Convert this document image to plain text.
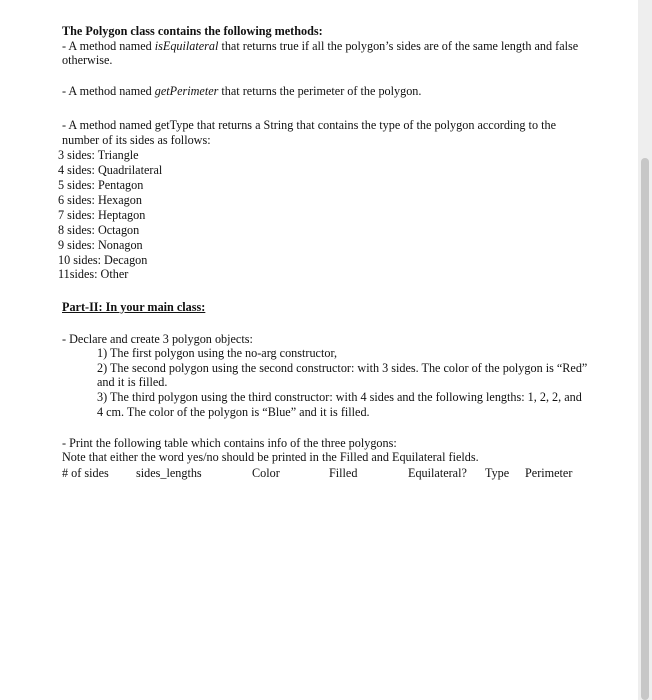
The Polygon class contains the following methods:
- A method named isEquilateral that returns true if all the polygon’s sides are of the same length and false
otherwise.
- A method named getPerimeter that returns the perimeter of the polygon.
- A method named getType that returns a String that contains the type of the polygon according to the
number of its sides as follows:
3 sides: Triangle
4 sides: Quadrilateral
5 sides: Pentagon
6 sides: Hexagon
7 sides: Heptagon
8 sides: Octagon
9 sides: Nonagon
10 sides: Decagon
11sides: Other
Part-II: In your main class:
- Declare and create 3 polygon objects:
1) The first polygon using the no-arg constructor,
2) The second polygon using the second constructor: with 3 sides. The color of the polygon is “Red”
and it is filled.
3) The third polygon using the third constructor: with 4 sides and the following lengths: 1, 2, 2, and
4 cm. The color of the polygon is “Blue” and it is filled.
- Print the following table which contains info of the three polygons:
Note that either the word yes/no should be printed in the Filled and Equilateral fields.
# of sides sides_lengths	Color	Filled	Equilateral? Type Perimeter
